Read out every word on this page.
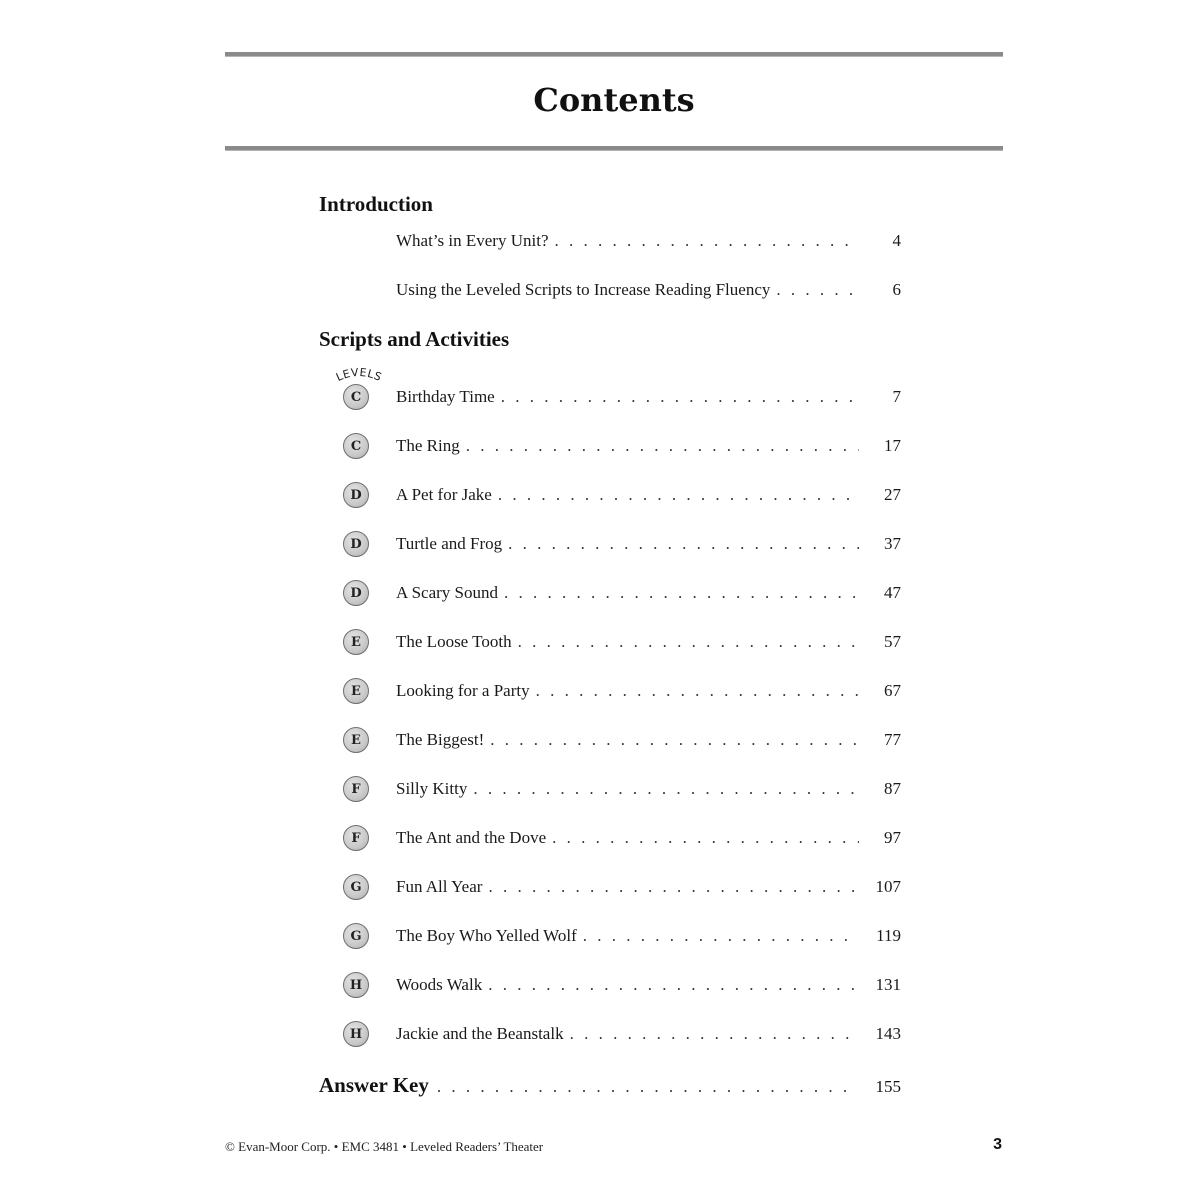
Contents
Introduction
What’s in Every Unit? . . .	4
Using the Leveled Scripts to Increase Reading Fluency . . .	6
Scripts and Activities
LEVELS
C	Birthday Time . . .	7
C	The Ring . . .	17
D	A Pet for Jake . . .	27
D	Turtle and Frog . . .	37
D	A Scary Sound . . .	47
E	The Loose Tooth . . .	57
E	Looking for a Party . . .	67
E	The Biggest! . . .	77
F	Silly Kitty . . .	87
F	The Ant and the Dove . . .	97
G	Fun All Year . . .	107
G	The Boy Who Yelled Wolf . . .	119
H	Woods Walk . . .	131
H	Jackie and the Beanstalk . . .	143
Answer Key . . .	155
© Evan-Moor Corp. • EMC 3481 • Leveled Readers’ Theater	3
